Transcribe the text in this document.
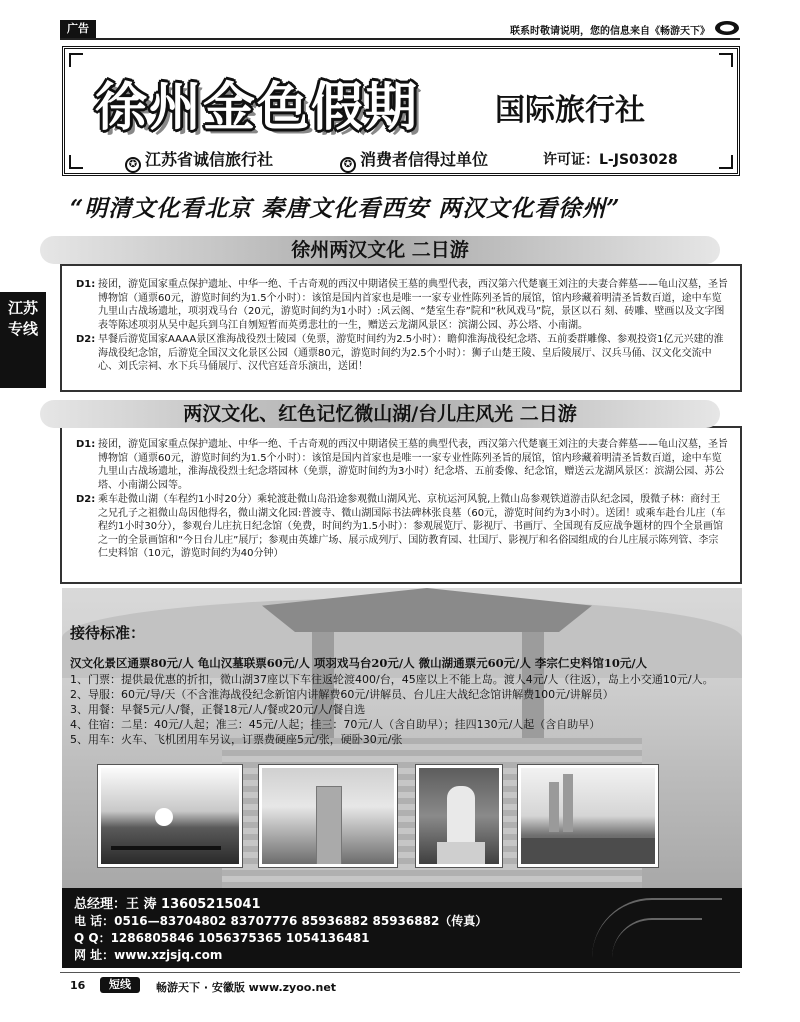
广告	联系时敬请说明，您的信息来自《畅游天下》
徐州金色假期	国际旅行社
✪ 江苏省诚信旅行社	✪ 消费者信得过单位	许可证：L-JS03028
“明清文化看北京 秦唐文化看西安 两汉文化看徐州”
江苏
专线
D1: 接团，游览国家重点保护遗址、中华一绝、千古奇观的西汉中期诸侯王墓的典型代表，西汉第六代楚襄王刘注的夫妻合葬墓——龟山汉墓，圣旨博物馆（通票60元，游览时间约为1.5个小时）：该馆是国内首家也是唯一一家专业性陈列圣旨的展馆，馆内珍藏着明清圣旨数百道，途中车览九里山古战场遗址，项羽戏马台（20元，游览时间约为1小时）:风云阁、“楚室生春”院和“秋风戏马”院，景区以石 刻、砖雕、壁画以及文字图表等陈述项羽从吴中起兵到乌江自刎短暂而英勇悲壮的一生，赠送云龙湖风景区：滨湖公园、苏公塔、小南湖。
D2: 早餐后游览国家AAAA景区淮海战役烈士陵园（免票，游览时间约为2.5小时）：瞻仰淮海战役纪念塔、五前委群雕像、参观投资1亿元兴建的淮海战役纪念馆，后游览全国汉文化景区公园（通票80元，游览时间约为2.5个小时）：狮子山楚王陵、皇后陵展厅、汉兵马俑、汉文化交流中心、刘氏宗祠、水下兵马俑展厅、汉代宫廷音乐演出，送团！
徐州两汉文化 二日游
D1: 接团，游览国家重点保护遗址、中华一绝、千古奇观的西汉中期诸侯王墓的典型代表，西汉第六代楚襄王刘注的夫妻合葬墓——龟山汉墓，圣旨博物馆（通票60元，游览时间约为1.5个小时）：该馆是国内首家也是唯一一家专业性陈列圣旨的展馆，馆内珍藏着明清圣旨数百道，途中车览九里山古战场遗址，淮海战役烈士纪念塔园林（免票，游览时间约为3小时）纪念塔、五前委像、纪念馆，赠送云龙湖风景区：滨湖公园、苏公塔、小南湖公园等。
D2: 乘车赴微山湖（车程约1小时20分）乘轮渡赴微山岛沿途参观微山湖风光、京杭运河风貌,上微山岛参观铁道游击队纪念园，殷微子林：商纣王之兄孔子之祖微山岛因他得名，微山湖文化园:普渡寺、微山湖国际书法碑林张良墓（60元，游览时间约为3小时）。送团！或乘车赴台儿庄（车程约1小时30分），参观台儿庄抗日纪念馆（免费，时间约为1.5小时）：参观展览厅、影视厅、书画厅、全国现有反应战争题材的四个全景画馆之一的全景画馆和“今日台儿庄”展厅；参观由英雄广场、展示成列厅、国防教育园、壮国厅、影视厅和名俗园组成的台儿庄展示陈列管、李宗仁史料馆（10元，游览时间约为40分钟）
两汉文化、红色记忆微山湖/台儿庄风光 二日游
接待标准：
汉文化景区通票80元/人 龟山汉墓联票60元/人 项羽戏马台20元/人 微山湖通票元60元/人 李宗仁史料馆10元/人
1、 门票：提供最优惠的折扣，微山湖37座以下车往返轮渡400/台，45座以上不能上岛。渡人4元/人（往返），岛上小交通10元/人。
2、 导服：60元/导/天（不含淮海战役纪念新馆内讲解费60元/讲解员、台儿庄大战纪念馆讲解费100元/讲解员）
3、 用餐：早餐5元/人/餐，正餐18元/人/餐或20元/人/餐自选
4、 住宿：二星：40元/人起；准三：45元/人起；挂三：70元/人（含自助早）；挂四130元/人起（含自助早）
5、 用车：火车、飞机团用车另议，订票费硬座5元/张，硬卧30元/张
总经理：王 涛 13605215041
电 话：0516—83704802 83707776 85936882 85936882（传真）
Q Q：1286805846 1056375365 1054136481
网 址：www.xzjsjq.com
16	短线	畅游天下 · 安徽版 www.zyoo.net
